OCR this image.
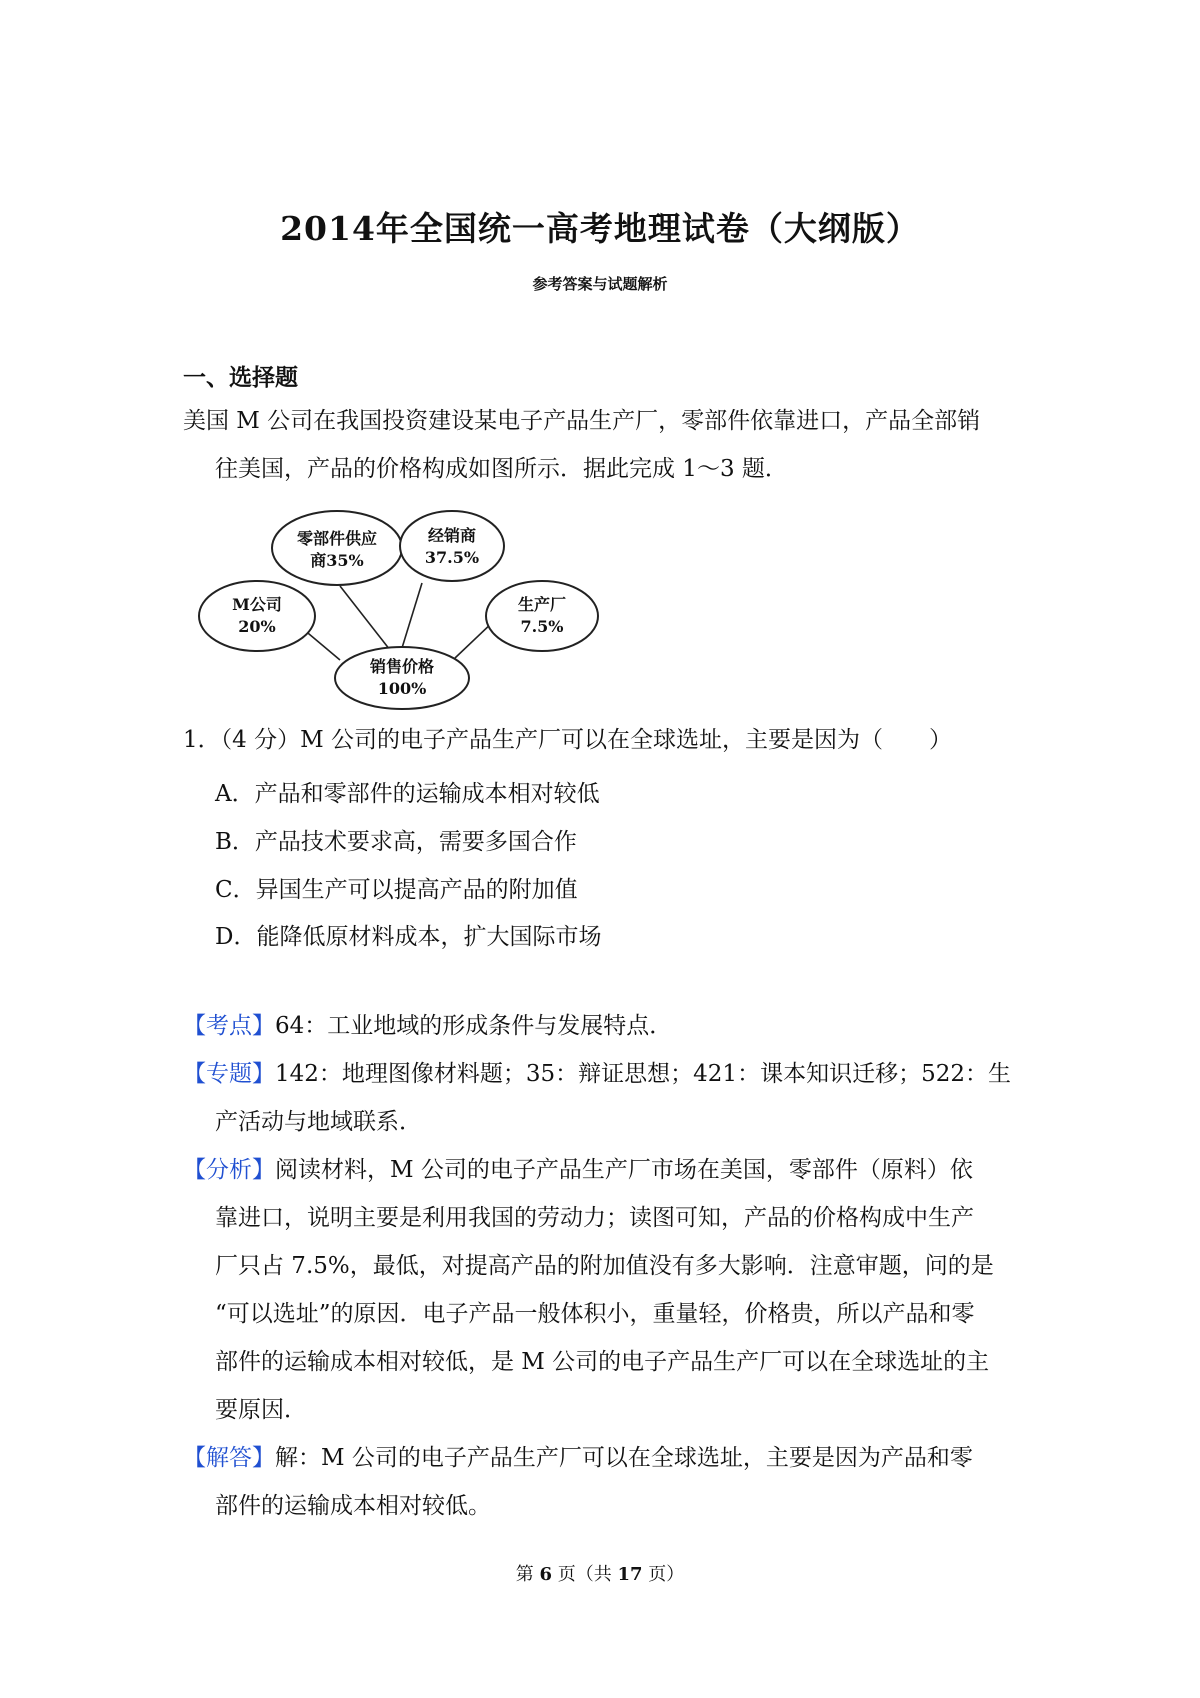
2014年全国统一高考地理试卷（大纲版）
参考答案与试题解析
一、选择题
美国 M 公司在我国投资建设某电子产品生产厂，零部件依靠进口，产品全部销
往美国，产品的价格构成如图所示．据此完成 1～3 题．
零部件供应
商35%
经销商
37.5%
M公司
20%
生产厂
7.5%
销售价格
100%
1．（4 分）M 公司的电子产品生产厂可以在全球选址，主要是因为（　　）
A．产品和零部件的运输成本相对较低
B．产品技术要求高，需要多国合作
C．异国生产可以提高产品的附加值
D．能降低原材料成本，扩大国际市场
【考点】64：工业地域的形成条件与发展特点．
【专题】142：地理图像材料题；35：辩证思想；421：课本知识迁移；522：生
产活动与地域联系．
【分析】阅读材料，M 公司的电子产品生产厂市场在美国，零部件（原料）依
靠进口，说明主要是利用我国的劳动力；读图可知，产品的价格构成中生产
厂只占 7.5%，最低，对提高产品的附加值没有多大影响．注意审题，问的是
“可以选址”的原因．电子产品一般体积小，重量轻，价格贵，所以产品和零
部件的运输成本相对较低，是 M 公司的电子产品生产厂可以在全球选址的主
要原因．
【解答】解：M 公司的电子产品生产厂可以在全球选址，主要是因为产品和零
部件的运输成本相对较低。
第 6 页（共 17 页）
